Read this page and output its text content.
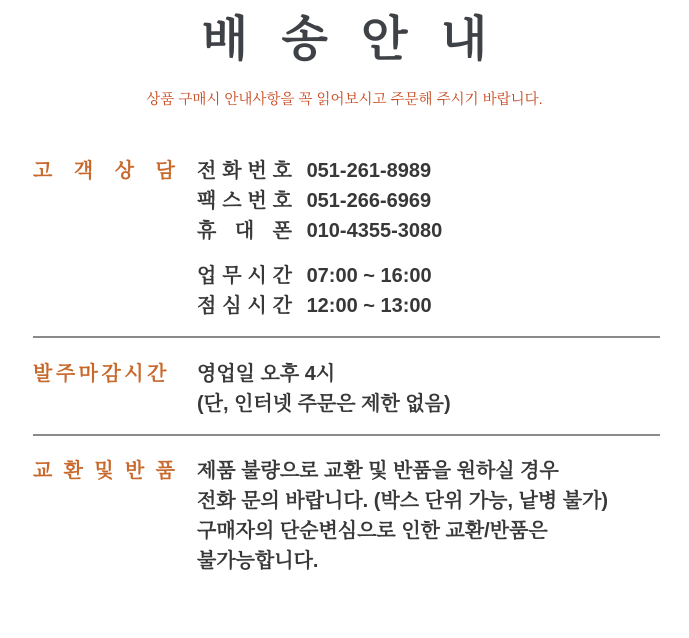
배 송 안 내

상품 구매시 안내사항을 꼭 읽어보시고 주문해 주시기 바랍니다.

고 객 상 담 전 화 번 호 051-261-8989
팩 스 번 호 051-266-6969
휴 대 폰 010-4355-3080
업 무 시 간 07:00 ~ 16:00
점 심 시 간 12:00 ~ 13:00
발주마감시간 영업일 오후 4시
(단, 인터넷 주문은 제한 없음)
교 환 및 반 품 제품 불량으로 교환 및 반품을 원하실 경우
전화 문의 바랍니다. (박스 단위 가능, 낱병 불가)
구매자의 단순변심으로 인한 교환/반품은
불가능합니다.
